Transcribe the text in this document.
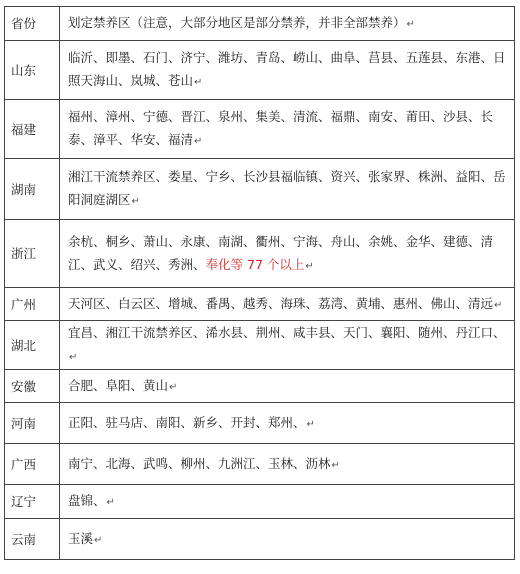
省份	划定禁养区（注意，大部分地区是部分禁养，并非全部禁养）↵
山东	临沂、即墨、石门、济宁、潍坊、青岛、崂山、曲阜、莒县、五莲县、东港、日照天海山、岚城、苍山↵
福建	福州、漳州、宁德、晋江、泉州、集美、清流、福鼎、南安、莆田、沙县、长泰、漳平、华安、福清↵
湖南	湘江干流禁养区、娄星、宁乡、长沙县福临镇、资兴、张家界、株洲、益阳、岳阳洞庭湖区↵
浙江	余杭、桐乡、萧山、永康、南湖、衢州、宁海、舟山、余姚、金华、建德、清江、武义、绍兴、秀洲、奉化等 77 个以上↵
广州	天河区、白云区、增城、番禺、越秀、海珠、荔湾、黄埔、惠州、佛山、清远↵
湖北	宜昌、湘江干流禁养区、浠水县、荆州、咸丰县、天门、襄阳、随州、丹江口、↵
安徽	合肥、阜阳、黄山↵
河南	正阳、驻马店、南阳、新乡、开封、郑州、↵
广西	南宁、北海、武鸣、柳州、九洲江、玉林、沥林↵
辽宁	盘锦、↵
云南	玉溪↵
